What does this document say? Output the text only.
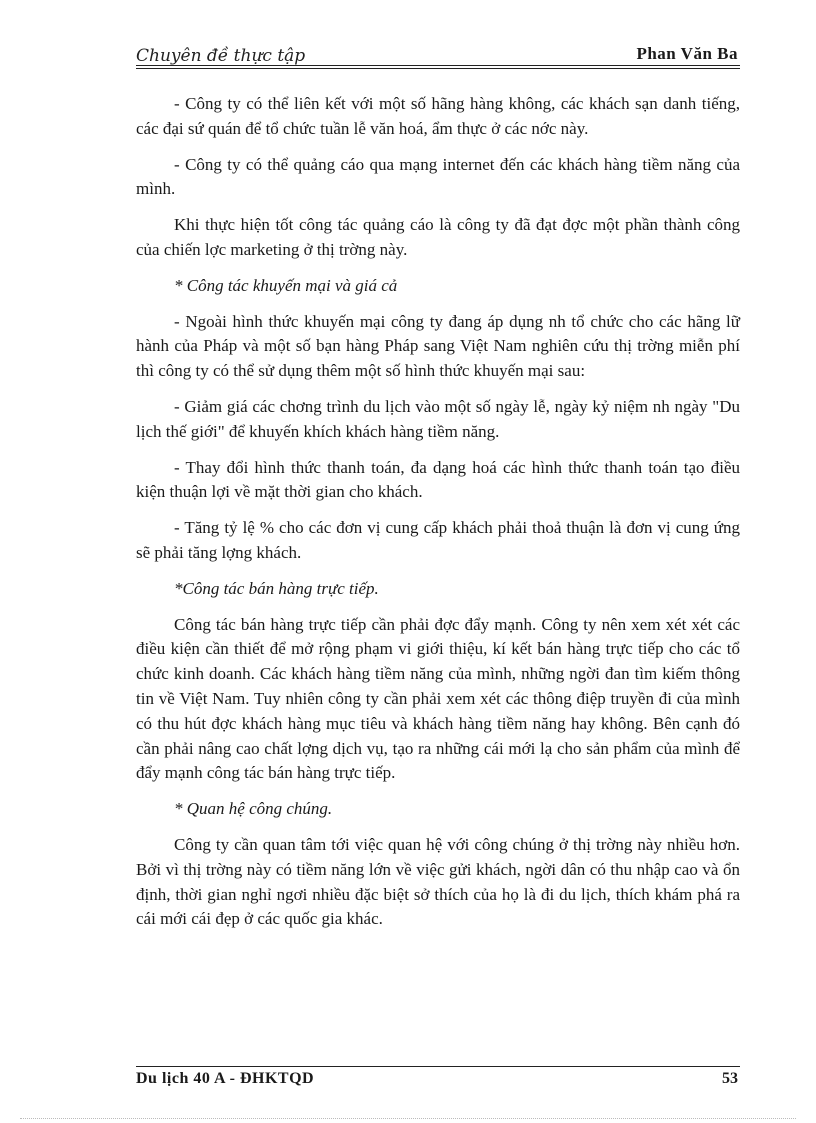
Chuyên đề thực tập	Phan Văn Ba

- Công ty có thể liên kết với một số hãng hàng không, các khách sạn danh tiếng, các đại sứ quán để tổ chức tuần lễ văn hoá, ẩm thực ở các nớc này.

- Công ty có thể quảng cáo qua mạng internet đến các khách hàng tiềm năng của mình.

Khi thực hiện tốt công tác quảng cáo là công ty đã đạt đợc một phần thành công của chiến lợc marketing ở thị trờng này.

* Công tác khuyến mại và giá cả

- Ngoài hình thức khuyến mại công ty đang áp dụng nh tổ chức cho các hãng lữ hành của Pháp và một số bạn hàng Pháp sang Việt Nam nghiên cứu thị trờng miễn phí thì công ty có thể sử dụng thêm một số hình thức khuyến mại sau:

- Giảm giá các chơng trình du lịch vào một số ngày lễ, ngày kỷ niệm nh ngày "Du lịch thế giới" để khuyến khích khách hàng tiềm năng.

- Thay đổi hình thức thanh toán, đa dạng hoá các hình thức thanh toán tạo điều kiện thuận lợi về mặt thời gian cho khách.

- Tăng tỷ lệ % cho các đơn vị cung cấp khách phải thoả thuận là đơn vị cung ứng sẽ phải tăng lợng khách.

*Công tác bán hàng trực tiếp.

Công tác bán hàng trực tiếp cần phải đợc đẩy mạnh. Công ty nên xem xét xét các điều kiện cần thiết để mở rộng phạm vi giới thiệu, kí kết bán hàng trực tiếp cho các tổ chức kinh doanh. Các khách hàng tiềm năng của mình, những ngời đan tìm kiếm thông tin về Việt Nam. Tuy nhiên công ty cần phải xem xét các thông điệp truyền đi của mình có thu hút đợc khách hàng mục tiêu và khách hàng tiềm năng hay không. Bên cạnh đó cần phải nâng cao chất lợng dịch vụ, tạo ra những cái mới lạ cho sản phẩm của mình để đẩy mạnh công tác bán hàng trực tiếp.

* Quan hệ công chúng.

Công ty cần quan tâm tới việc quan hệ với công chúng ở thị trờng này nhiều hơn. Bởi vì thị trờng này có tiềm năng lớn về việc gửi khách, ngời dân có thu nhập cao và ổn định, thời gian nghỉ ngơi nhiều đặc biệt sở thích của họ là đi du lịch, thích khám phá ra cái mới cái đẹp ở các quốc gia khác.

Du lịch 40 A - ĐHKTQD	53
